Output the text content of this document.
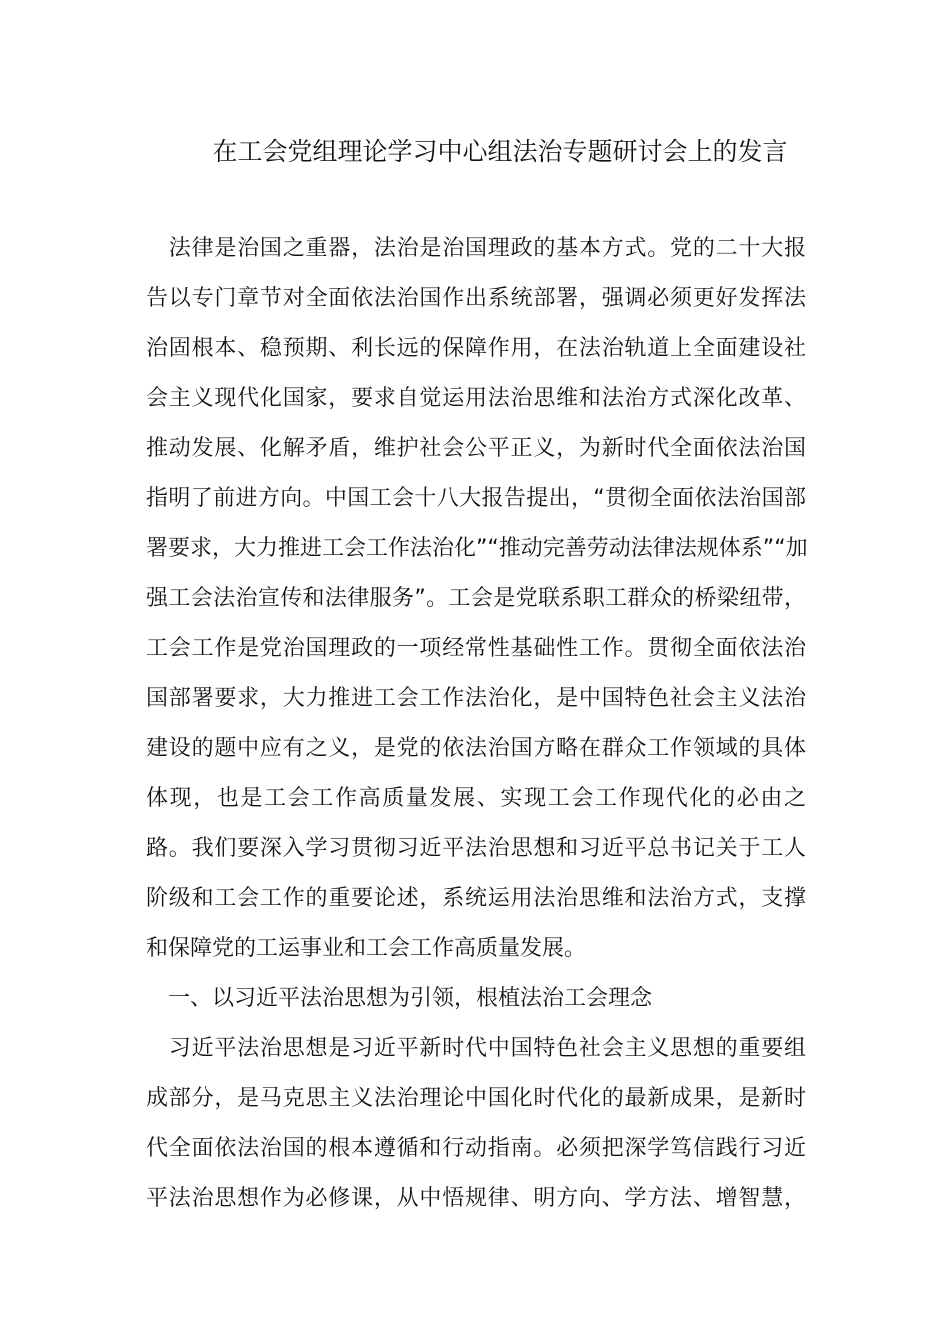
在工会党组理论学习中心组法治专题研讨会上的发言
　法律是治国之重器，法治是治国理政的基本方式。党的二十大报
告以专门章节对全面依法治国作出系统部署，强调必须更好发挥法
治固根本、稳预期、利长远的保障作用，在法治轨道上全面建设社
会主义现代化国家，要求自觉运用法治思维和法治方式深化改革、
推动发展、化解矛盾，维护社会公平正义，为新时代全面依法治国
指明了前进方向。中国工会十八大报告提出，“贯彻全面依法治国部
署要求，大力推进工会工作法治化”“推动完善劳动法律法规体系”“加
强工会法治宣传和法律服务”。工会是党联系职工群众的桥梁纽带，
工会工作是党治国理政的一项经常性基础性工作。贯彻全面依法治
国部署要求，大力推进工会工作法治化，是中国特色社会主义法治
建设的题中应有之义，是党的依法治国方略在群众工作领域的具体
体现，也是工会工作高质量发展、实现工会工作现代化的必由之
路。我们要深入学习贯彻习近平法治思想和习近平总书记关于工人
阶级和工会工作的重要论述，系统运用法治思维和法治方式，支撑
和保障党的工运事业和工会工作高质量发展。
　一、以习近平法治思想为引领，根植法治工会理念
　习近平法治思想是习近平新时代中国特色社会主义思想的重要组
成部分，是马克思主义法治理论中国化时代化的最新成果，是新时
代全面依法治国的根本遵循和行动指南。必须把深学笃信践行习近
平法治思想作为必修课，从中悟规律、明方向、学方法、增智慧，
